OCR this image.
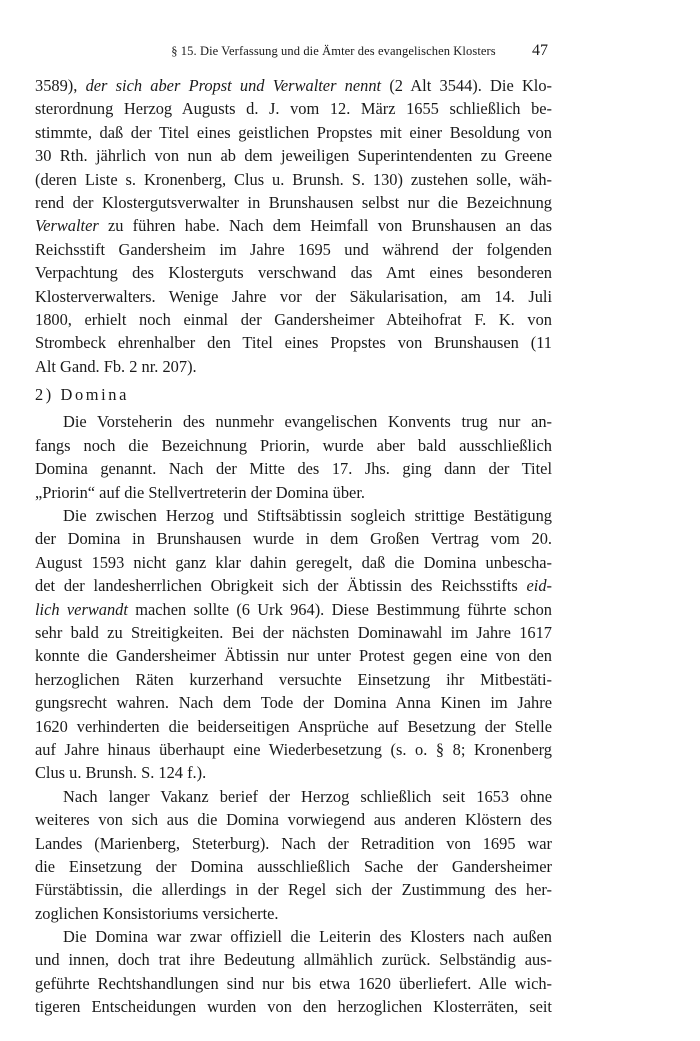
§ 15. Die Verfassung und die Ämter des evangelischen Klosters 47
3589), der sich aber Propst und Verwalter nennt (2 Alt 3544). Die Klo-
sterordnung Herzog Augusts d. J. vom 12. März 1655 schließlich be-
stimmte, daß der Titel eines geistlichen Propstes mit einer Besoldung von
30 Rth. jährlich von nun ab dem jeweiligen Superintendenten zu Greene
(deren Liste s. Kronenberg, Clus u. Brunsh. S. 130) zustehen solle, wäh-
rend der Klostergutsverwalter in Brunshausen selbst nur die Bezeichnung
Verwalter zu führen habe. Nach dem Heimfall von Brunshausen an das
Reichsstift Gandersheim im Jahre 1695 und während der folgenden
Verpachtung des Klosterguts verschwand das Amt eines besonderen
Klosterverwalters. Wenige Jahre vor der Säkularisation, am 14. Juli
1800, erhielt noch einmal der Gandersheimer Abteihofrat F. K. von
Strombeck ehrenhalber den Titel eines Propstes von Brunshausen (11
Alt Gand. Fb. 2 nr. 207).
2) Domina
Die Vorsteherin des nunmehr evangelischen Konvents trug nur an-
fangs noch die Bezeichnung Priorin, wurde aber bald ausschließlich
Domina genannt. Nach der Mitte des 17. Jhs. ging dann der Titel
„Priorin“ auf die Stellvertreterin der Domina über.
Die zwischen Herzog und Stiftsäbtissin sogleich strittige Bestätigung
der Domina in Brunshausen wurde in dem Großen Vertrag vom 20.
August 1593 nicht ganz klar dahin geregelt, daß die Domina unbescha-
det der landesherrlichen Obrigkeit sich der Äbtissin des Reichsstifts eid-
lich verwandt machen sollte (6 Urk 964). Diese Bestimmung führte schon
sehr bald zu Streitigkeiten. Bei der nächsten Dominawahl im Jahre 1617
konnte die Gandersheimer Äbtissin nur unter Protest gegen eine von den
herzoglichen Räten kurzerhand versuchte Einsetzung ihr Mitbestäti-
gungsrecht wahren. Nach dem Tode der Domina Anna Kinen im Jahre
1620 verhinderten die beiderseitigen Ansprüche auf Besetzung der Stelle
auf Jahre hinaus überhaupt eine Wiederbesetzung (s. o. § 8; Kronenberg
Clus u. Brunsh. S. 124 f.).
Nach langer Vakanz berief der Herzog schließlich seit 1653 ohne
weiteres von sich aus die Domina vorwiegend aus anderen Klöstern des
Landes (Marienberg, Steterburg). Nach der Retradition von 1695 war
die Einsetzung der Domina ausschließlich Sache der Gandersheimer
Fürstäbtissin, die allerdings in der Regel sich der Zustimmung des her-
zoglichen Konsistoriums versicherte.
Die Domina war zwar offiziell die Leiterin des Klosters nach außen
und innen, doch trat ihre Bedeutung allmählich zurück. Selbständig aus-
geführte Rechtshandlungen sind nur bis etwa 1620 überliefert. Alle wich-
tigeren Entscheidungen wurden von den herzoglichen Klosterräten, seit
